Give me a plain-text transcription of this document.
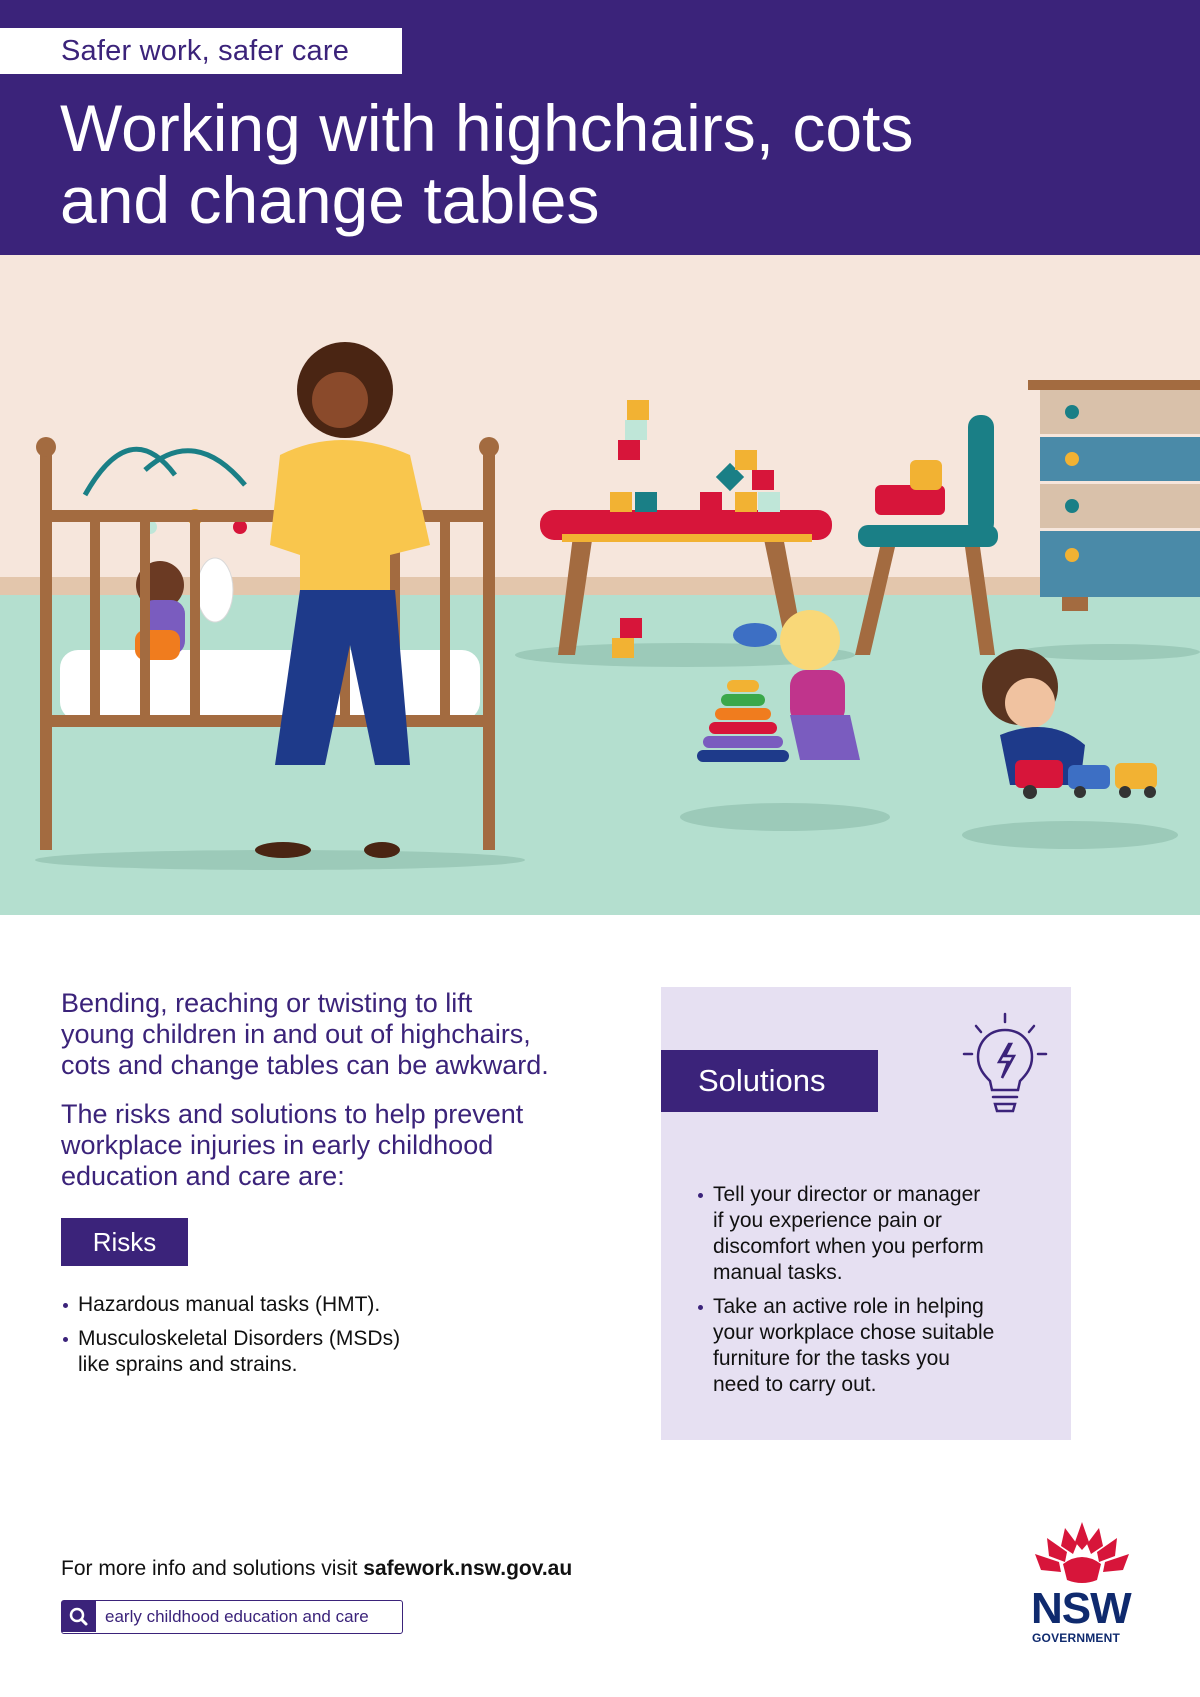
Safer work, safer care
Working with highchairs, cots
and change tables

Bending, reaching or twisting to lift
young children in and out of highchairs,
cots and change tables can be awkward.

The risks and solutions to help prevent
workplace injuries in early childhood
education and care are:

Risks
Hazardous manual tasks (HMT).
Musculoskeletal Disorders (MSDs)
like sprains and strains.
Solutions
Tell your director or manager
if you experience pain or
discomfort when you perform
manual tasks.
Take an active role in helping
your workplace chose suitable
furniture for the tasks you
need to carry out.
For more info and solutions visit safework.nsw.gov.au
early childhood education and care	NSW
GOVERNMENT
